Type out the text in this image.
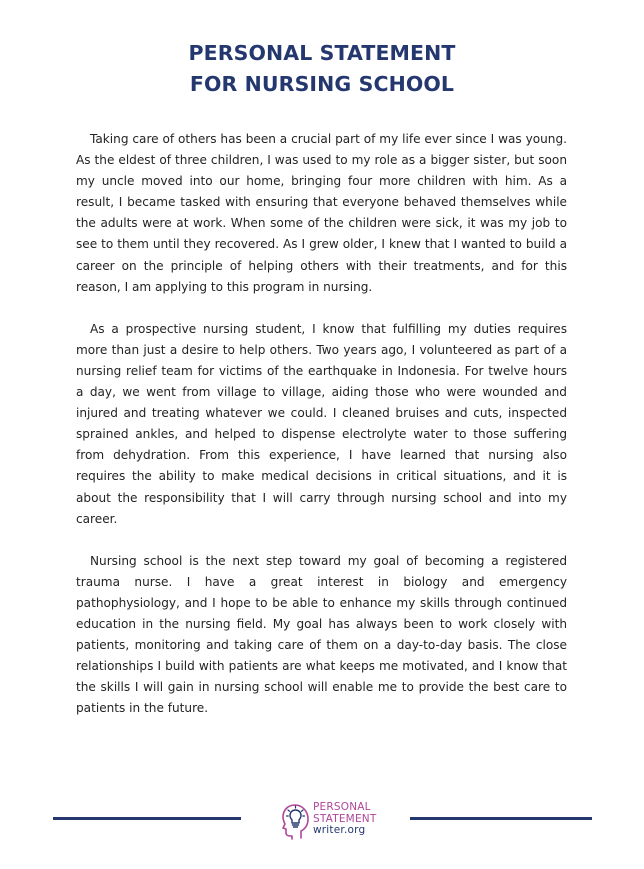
PERSONAL STATEMENT
FOR NURSING SCHOOL

Taking care of others has been a crucial part of my life ever since I was young. As the eldest of three children, I was used to my role as a bigger sister, but soon my uncle moved into our home, bringing four more children with him. As a result, I became tasked with ensuring that everyone behaved themselves while the adults were at work. When some of the children were sick, it was my job to see to them until they recovered. As I grew older, I knew that I wanted to build a career on the principle of helping others with their treatments, and for this reason, I am applying to this program in nursing.

As a prospective nursing student, I know that fulfilling my duties requires more than just a desire to help others. Two years ago, I volunteered as part of a nursing relief team for victims of the earthquake in Indonesia. For twelve hours a day, we went from village to village, aiding those who were wounded and injured and treating whatever we could. I cleaned bruises and cuts, inspected sprained ankles, and helped to dispense electrolyte water to those suffering from dehydration. From this experience, I have learned that nursing also requires the ability to make medical decisions in critical situations, and it is about the responsibility that I will carry through nursing school and into my career.

Nursing school is the next step toward my goal of becoming a registered trauma nurse. I have a great interest in biology and emergency pathophysiology, and I hope to be able to enhance my skills through continued education in the nursing field. My goal has always been to work closely with patients, monitoring and taking care of them on a day-to-day basis. The close relationships I build with patients are what keeps me motivated, and I know that the skills I will gain in nursing school will enable me to provide the best care to patients in the future.

PERSONAL
STATEMENT
writer.org
